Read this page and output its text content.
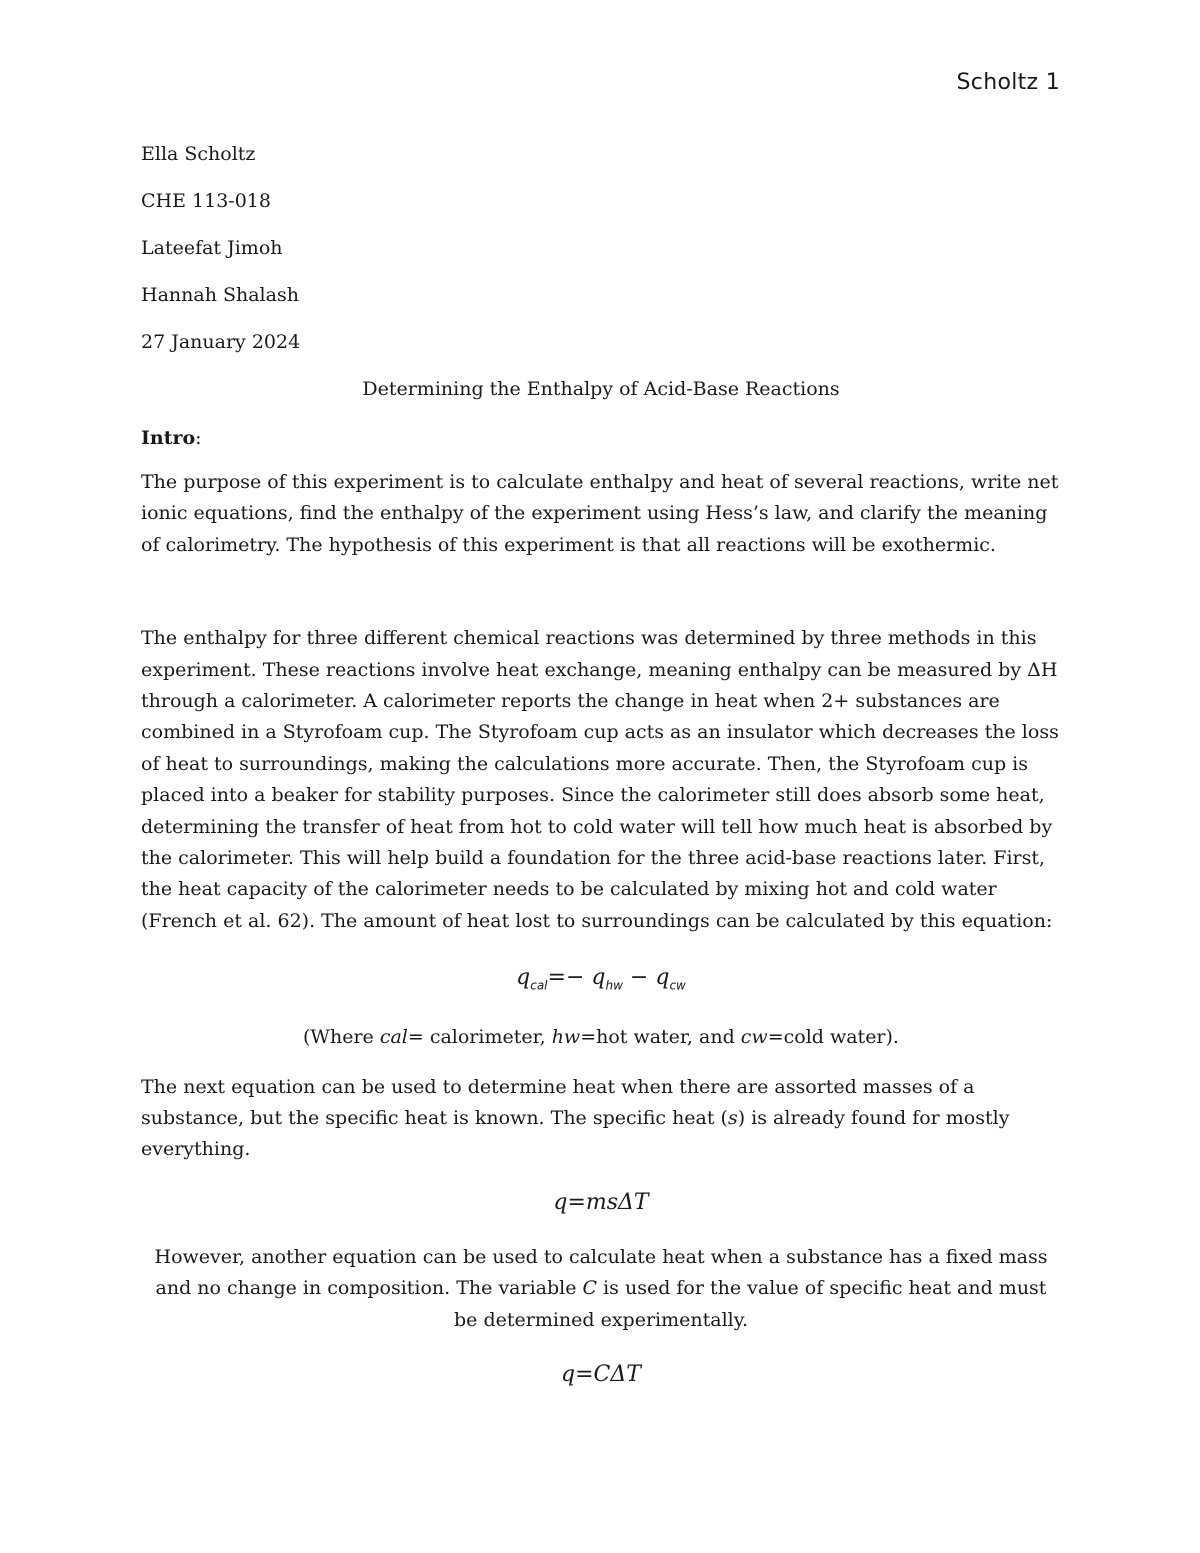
Scholtz 1
Ella Scholtz
CHE 113-018
Lateefat Jimoh
Hannah Shalash
27 January 2024
Determining the Enthalpy of Acid-Base Reactions
Intro:

The purpose of this experiment is to calculate enthalpy and heat of several reactions, write net ionic equations, find the enthalpy of the experiment using Hess’s law, and clarify the meaning of calorimetry. The hypothesis of this experiment is that all reactions will be exothermic.

The enthalpy for three different chemical reactions was determined by three methods in this experiment. These reactions involve heat exchange, meaning enthalpy can be measured by ΔH through a calorimeter. A calorimeter reports the change in heat when 2+ substances are combined in a Styrofoam cup. The Styrofoam cup acts as an insulator which decreases the loss of heat to surroundings, making the calculations more accurate. Then, the Styrofoam cup is placed into a beaker for stability purposes. Since the calorimeter still does absorb some heat, determining the transfer of heat from hot to cold water will tell how much heat is absorbed by the calorimeter. This will help build a foundation for the three acid-base reactions later. First, the heat capacity of the calorimeter needs to be calculated by mixing hot and cold water (French et al. 62). The amount of heat lost to surroundings can be calculated by this equation:

$q_{cal}=- q_{hw} - q_{cw}$
(Where cal= calorimeter, hw=hot water, and cw=cold water).

The next equation can be used to determine heat when there are assorted masses of a substance, but the specific heat is known. The specific heat (s) is already found for mostly everything.

q=msΔT

However, another equation can be used to calculate heat when a substance has a fixed mass and no change in composition. The variable C is used for the value of specific heat and must be determined experimentally.

q=CΔT
